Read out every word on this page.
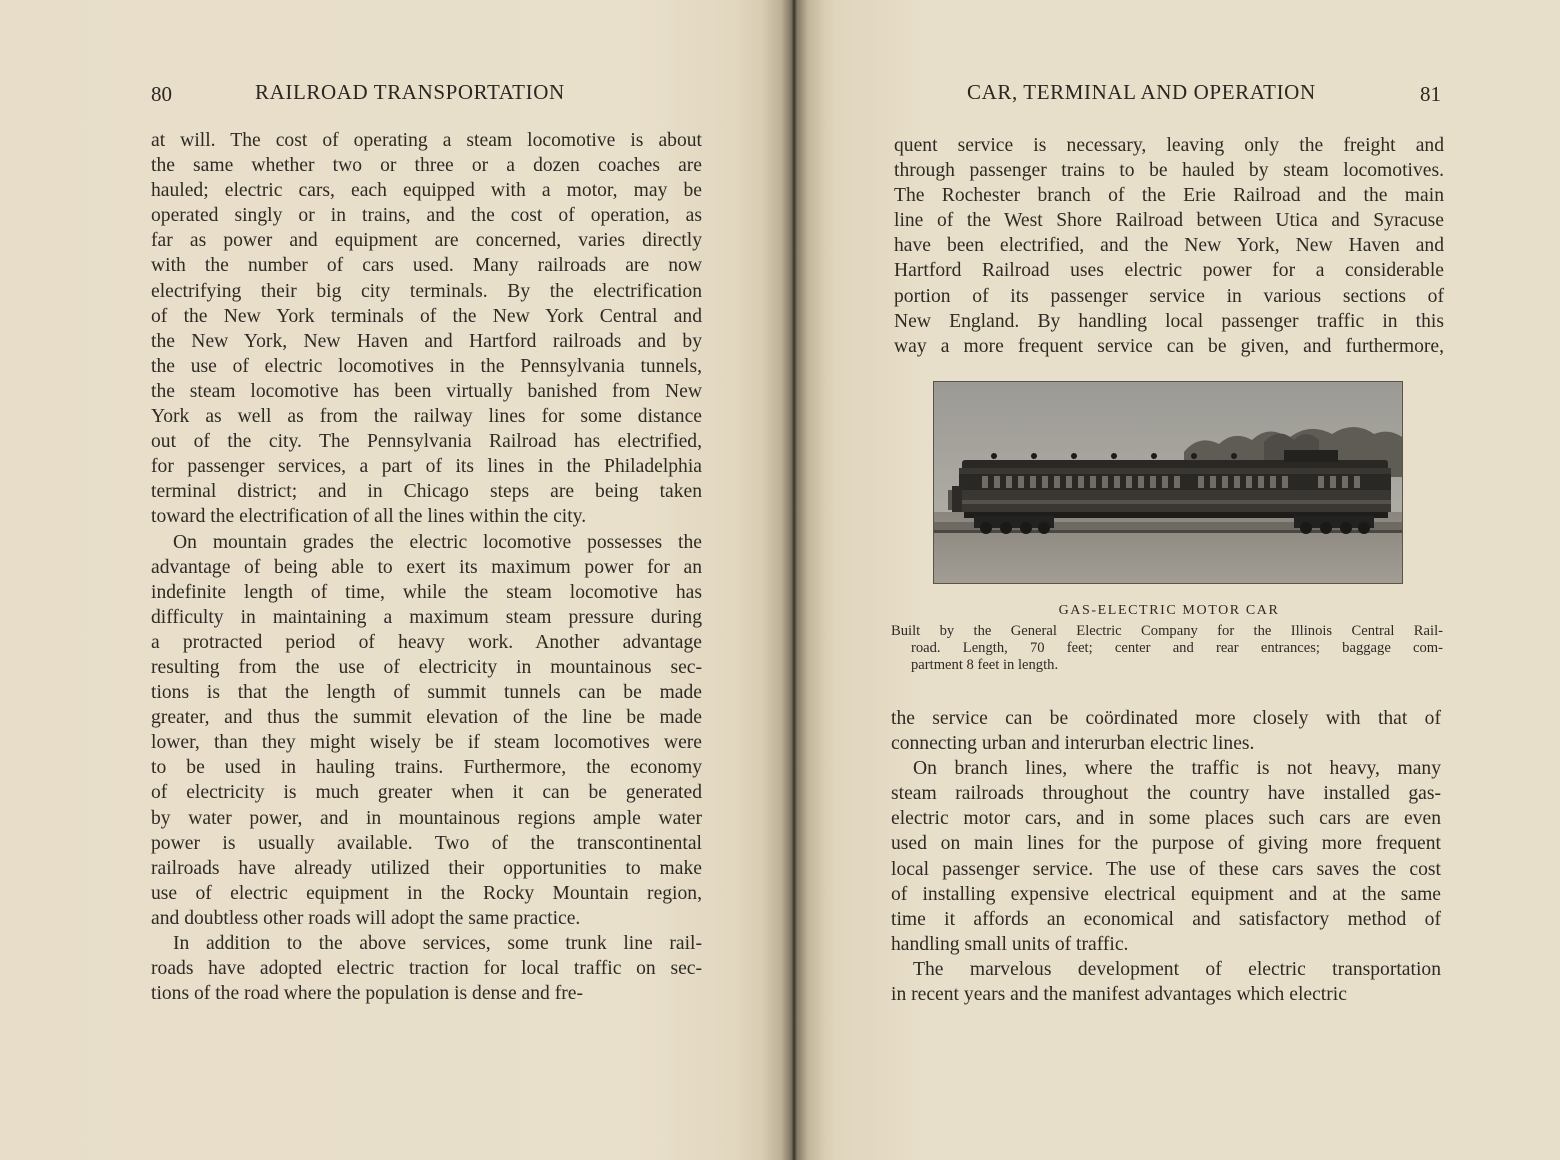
80	RAILROAD TRANSPORTATION
at will. The cost of operating a steam locomotive is about
the same whether two or three or a dozen coaches are
hauled; electric cars, each equipped with a motor, may be
operated singly or in trains, and the cost of operation, as
far as power and equipment are concerned, varies directly
with the number of cars used. Many railroads are now
electrifying their big city terminals. By the electrification
of the New York terminals of the New York Central and
the New York, New Haven and Hartford railroads and by
the use of electric locomotives in the Pennsylvania tunnels,
the steam locomotive has been virtually banished from New
York as well as from the railway lines for some distance
out of the city. The Pennsylvania Railroad has electrified,
for passenger services, a part of its lines in the Philadelphia
terminal district; and in Chicago steps are being taken
toward the electrification of all the lines within the city.
On mountain grades the electric locomotive possesses the
advantage of being able to exert its maximum power for an
indefinite length of time, while the steam locomotive has
difficulty in maintaining a maximum steam pressure during
a protracted period of heavy work. Another advantage
resulting from the use of electricity in mountainous sec-
tions is that the length of summit tunnels can be made
greater, and thus the summit elevation of the line be made
lower, than they might wisely be if steam locomotives were
to be used in hauling trains. Furthermore, the economy
of electricity is much greater when it can be generated
by water power, and in mountainous regions ample water
power is usually available. Two of the transcontinental
railroads have already utilized their opportunities to make
use of electric equipment in the Rocky Mountain region,
and doubtless other roads will adopt the same practice.
In addition to the above services, some trunk line rail-
roads have adopted electric traction for local traffic on sec-
tions of the road where the population is dense and fre-
CAR, TERMINAL AND OPERATION	81
quent service is necessary, leaving only the freight and
through passenger trains to be hauled by steam locomotives.
The Rochester branch of the Erie Railroad and the main
line of the West Shore Railroad between Utica and Syracuse
have been electrified, and the New York, New Haven and
Hartford Railroad uses electric power for a considerable
portion of its passenger service in various sections of
New England. By handling local passenger traffic in this
way a more frequent service can be given, and furthermore,
GAS-ELECTRIC MOTOR CAR
Built by the General Electric Company for the Illinois Central Rail-
road. Length, 70 feet; center and rear entrances; baggage com-
partment 8 feet in length.
the service can be coördinated more closely with that of
connecting urban and interurban electric lines.
On branch lines, where the traffic is not heavy, many
steam railroads throughout the country have installed gas-
electric motor cars, and in some places such cars are even
used on main lines for the purpose of giving more frequent
local passenger service. The use of these cars saves the cost
of installing expensive electrical equipment and at the same
time it affords an economical and satisfactory method of
handling small units of traffic.
The marvelous development of electric transportation
in recent years and the manifest advantages which electric
